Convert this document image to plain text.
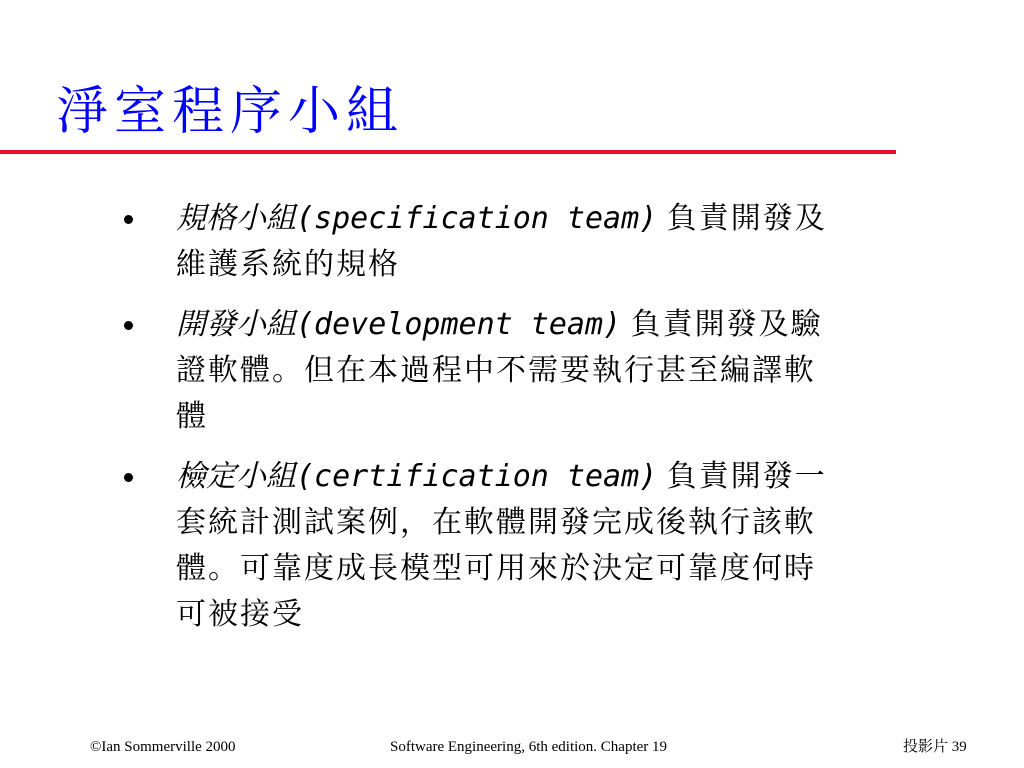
淨室程序小組
規格小組(specification team) 負責開發及
維護系統的規格
開發小組(development team) 負責開發及驗
證軟體。但在本過程中不需要執行甚至編譯軟
體
檢定小組(certification team) 負責開發一
套統計測試案例，在軟體開發完成後執行該軟
體。可靠度成長模型可用來於決定可靠度何時
可被接受
©Ian Sommerville 2000	Software Engineering, 6th edition. Chapter 19	投影片 39
